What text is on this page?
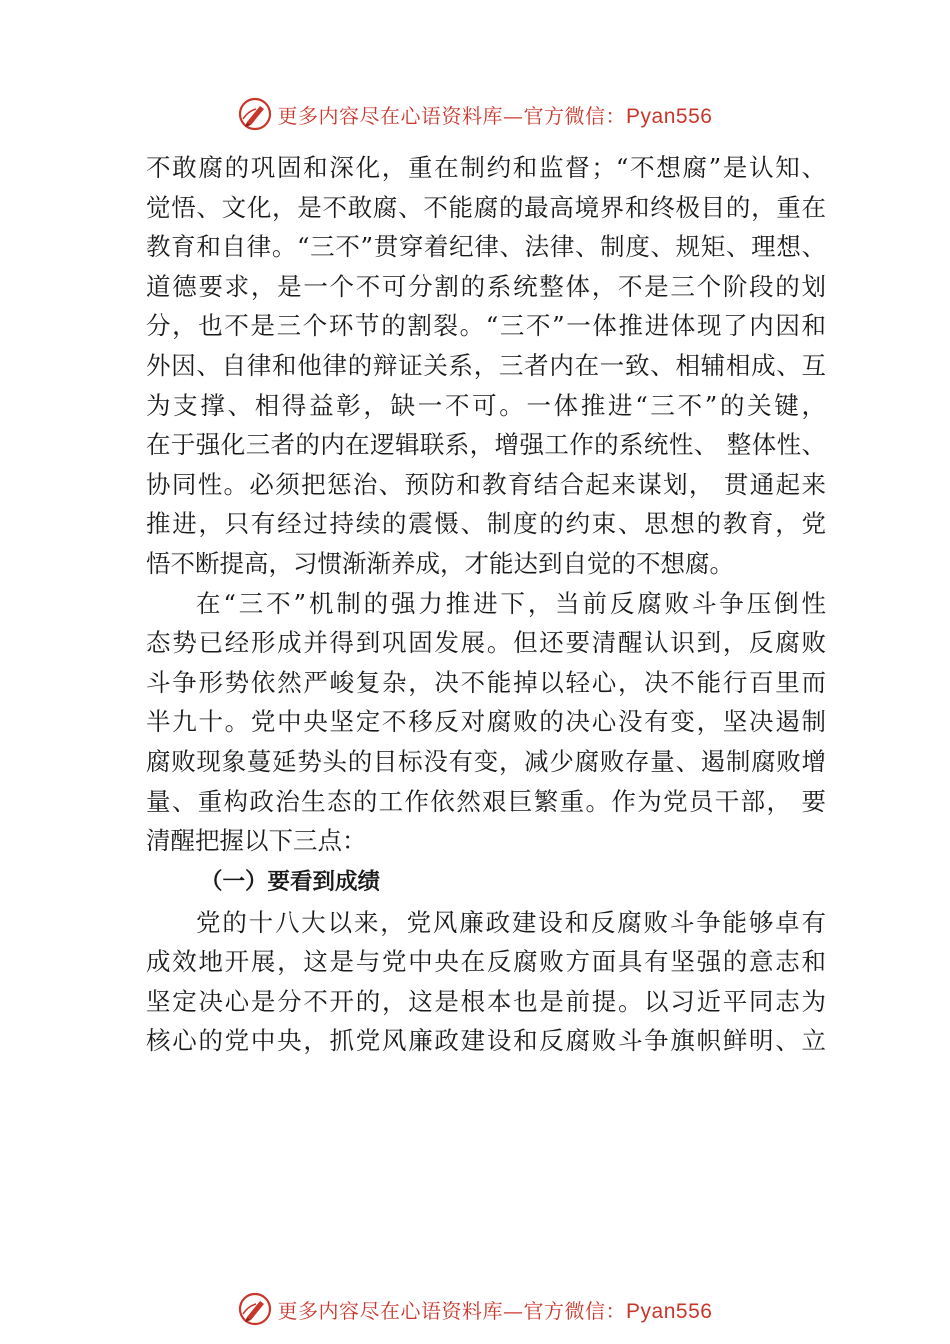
更多内容尽在心语资料库—官方微信：Pyan556
不敢腐的巩固和深化，重在制约和监督；“不想腐”是认知、
觉悟、文化，是不敢腐、不能腐的最高境界和终极目的，重在
教育和自律。“三不”贯穿着纪律、法律、制度、规矩、理想、
道德要求，是一个不可分割的系统整体，不是三个阶段的划
分，也不是三个环节的割裂。“三不”一体推进体现了内因和
外因、自律和他律的辩证关系，三者内在一致、相辅相成、互
为支撑、相得益彰，缺一不可。一体推进“三不”的关键，
在于强化三者的内在逻辑联系，增强工作的系统性、 整体性、
协同性。必须把惩治、预防和教育结合起来谋划， 贯通起来
推进，只有经过持续的震慑、制度的约束、思想的教育，党
悟不断提高，习惯渐渐养成，才能达到自觉的不想腐。
在“三不”机制的强力推进下，当前反腐败斗争压倒性
态势已经形成并得到巩固发展。但还要清醒认识到，反腐败
斗争形势依然严峻复杂，决不能掉以轻心，决不能行百里而
半九十。党中央坚定不移反对腐败的决心没有变，坚决遏制
腐败现象蔓延势头的目标没有变，减少腐败存量、遏制腐败增
量、重构政治生态的工作依然艰巨繁重。作为党员干部， 要
清醒把握以下三点：
（一）要看到成绩
党的十八大以来，党风廉政建设和反腐败斗争能够卓有
成效地开展，这是与党中央在反腐败方面具有坚强的意志和
坚定决心是分不开的，这是根本也是前提。以习近平同志为
核心的党中央，抓党风廉政建设和反腐败斗争旗帜鲜明、立
更多内容尽在心语资料库—官方微信：Pyan556
